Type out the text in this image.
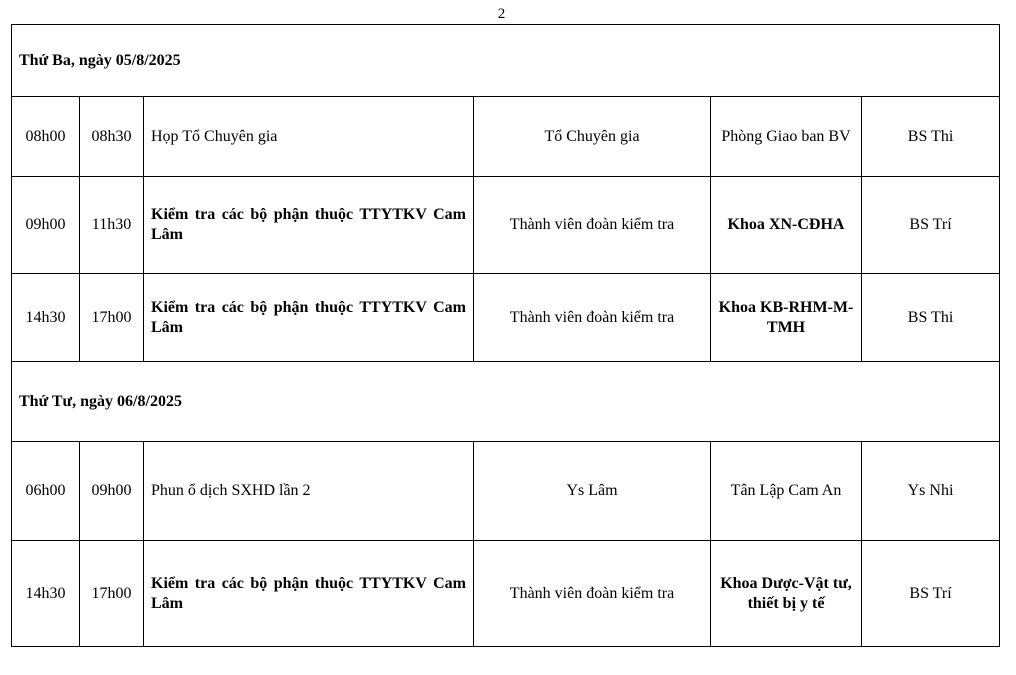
2
Thứ Ba, ngày 05/8/2025					
08h00	08h30	Họp Tổ Chuyên gia	Tổ Chuyên gia	Phòng Giao ban BV	BS Thi
09h00	11h30	Kiểm tra các bộ phận thuộc TTYTKV Cam Lâm	Thành viên đoàn kiểm tra	Khoa XN-CĐHA	BS Trí
14h30	17h00	Kiểm tra các bộ phận thuộc TTYTKV Cam Lâm	Thành viên đoàn kiểm tra	Khoa KB-RHM-M-TMH	BS Thi
Thứ Tư, ngày 06/8/2025					
06h00	09h00	Phun ổ dịch SXHD lần 2	Ys Lâm	Tân Lập Cam An	Ys Nhi
14h30	17h00	Kiểm tra các bộ phận thuộc TTYTKV Cam Lâm	Thành viên đoàn kiểm tra	Khoa Dược-Vật tư, thiết bị y tế	BS Trí
